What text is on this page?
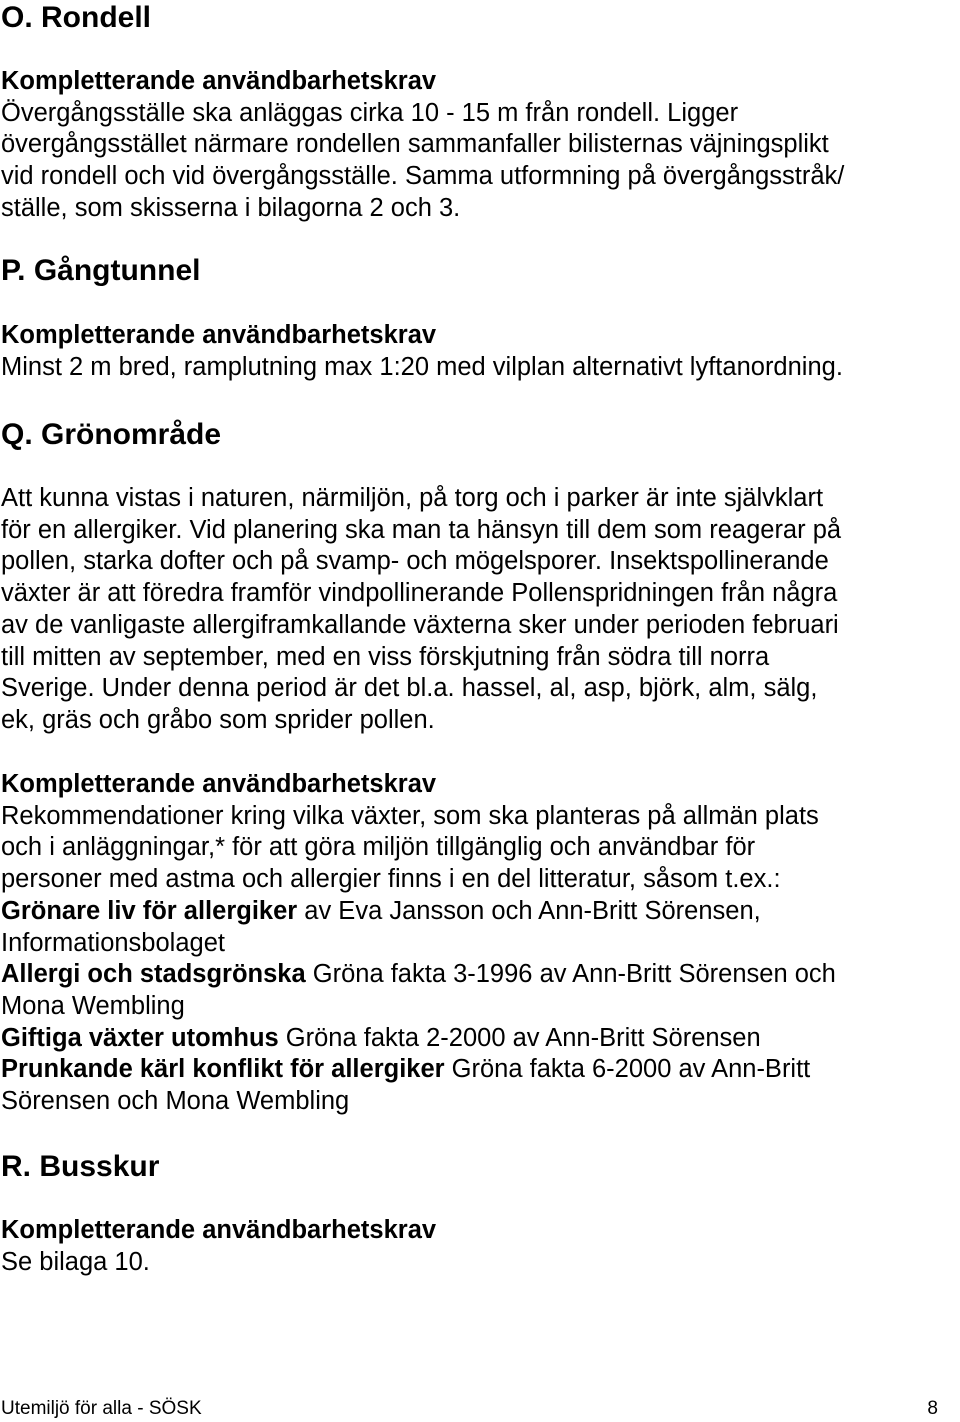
O. Rondell
Kompletterande användbarhetskrav
Övergångsställe ska anläggas cirka 10 - 15 m från rondell. Ligger
övergångsstället närmare rondellen sammanfaller bilisternas väjningsplikt
vid rondell och vid övergångsställe. Samma utformning på övergångsstråk/
ställe, som skisserna i bilagorna 2 och 3.
P. Gångtunnel
Kompletterande användbarhetskrav
Minst 2 m bred, ramplutning max 1:20 med vilplan alternativt lyftanordning.
Q. Grönområde
Att kunna vistas i naturen, närmiljön, på torg och i parker är inte självklart
för en allergiker. Vid planering ska man ta hänsyn till dem som reagerar på
pollen, starka dofter och på svamp- och mögelsporer. Insektspollinerande
växter är att föredra framför vindpollinerande Pollenspridningen från några
av de vanligaste allergiframkallande växterna sker under perioden februari
till mitten av september, med en viss förskjutning från södra till norra
Sverige. Under denna period är det bl.a. hassel, al, asp, björk, alm, sälg,
ek, gräs och gråbo som sprider pollen.
Kompletterande användbarhetskrav
Rekommendationer kring vilka växter, som ska planteras på allmän plats
och i anläggningar,* för att göra miljön tillgänglig och användbar för
personer med astma och allergier finns i en del litteratur, såsom t.ex.:
Grönare liv för allergiker av Eva Jansson och Ann-Britt Sörensen,
Informationsbolaget
Allergi och stadsgrönska Gröna fakta 3-1996 av Ann-Britt Sörensen och
Mona Wembling
Giftiga växter utomhus Gröna fakta 2-2000 av Ann-Britt Sörensen
Prunkande kärl konflikt för allergiker Gröna fakta 6-2000 av Ann-Britt
Sörensen och Mona Wembling
R. Busskur
Kompletterande användbarhetskrav
Se bilaga 10.
Utemiljö för alla - SÖSK	8
